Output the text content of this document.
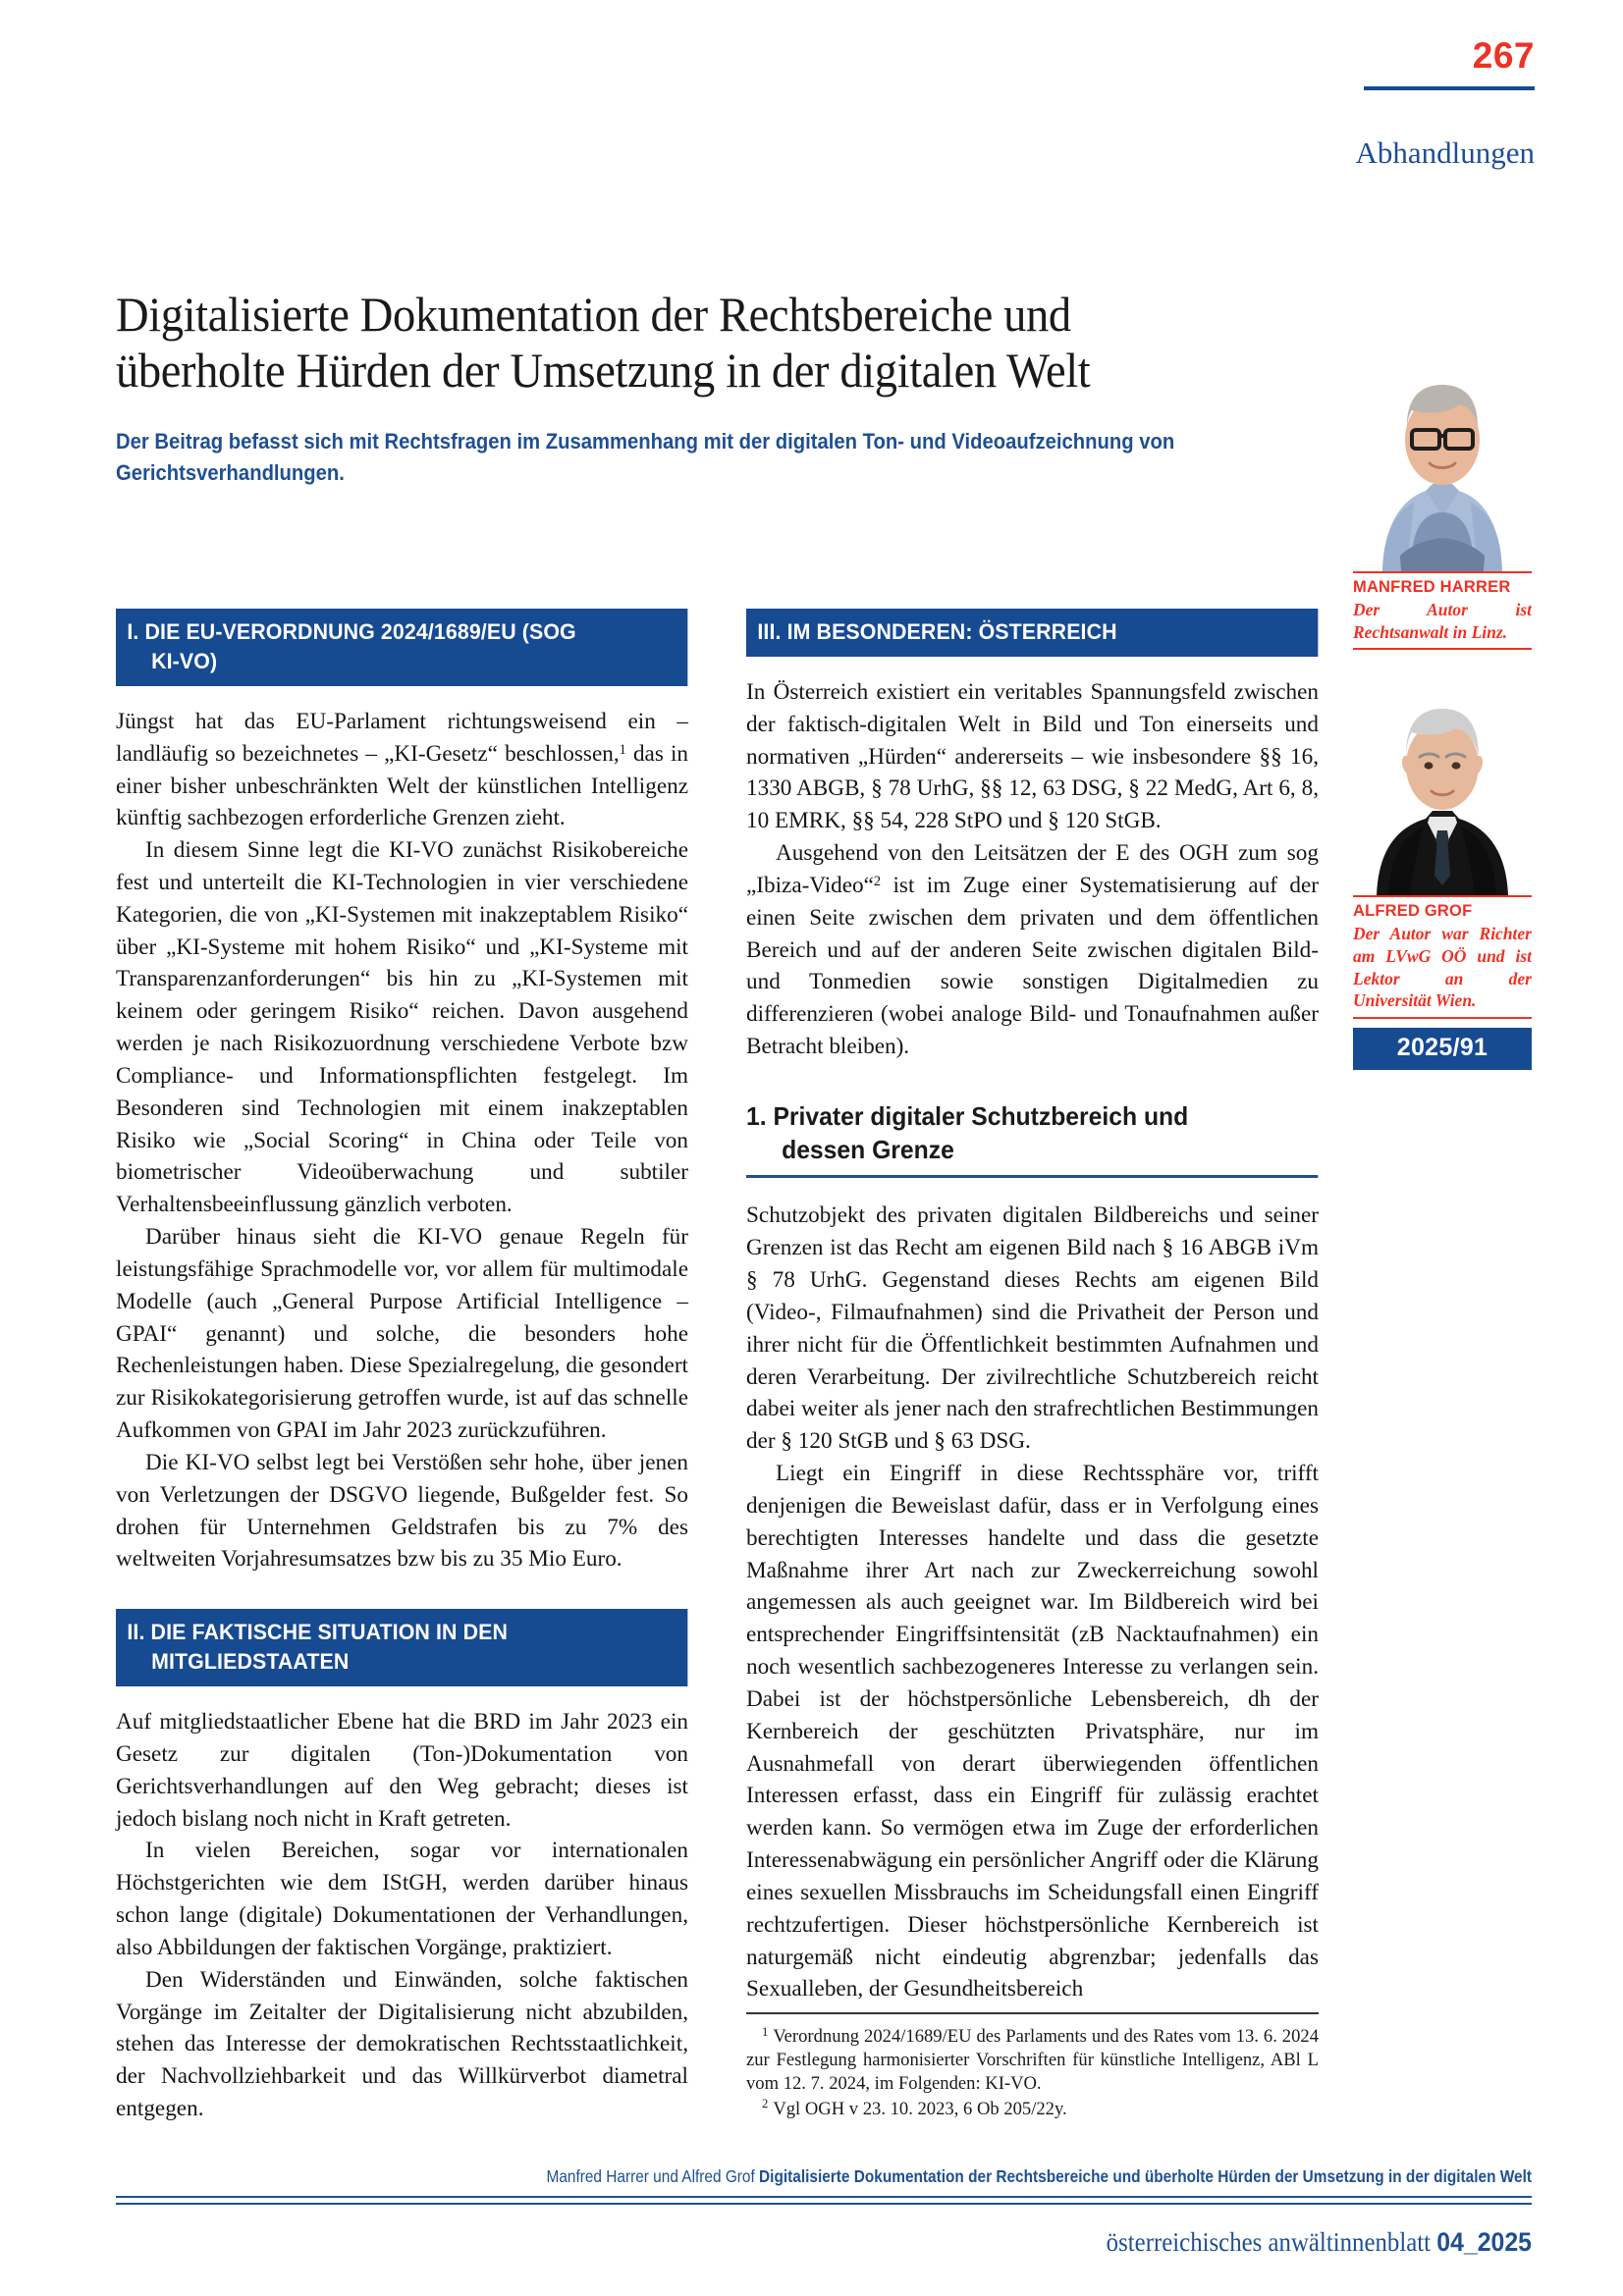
267
Abhandlungen
Digitalisierte Dokumentation der Rechtsbereiche und überholte Hürden der Umsetzung in der digitalen Welt

Der Beitrag befasst sich mit Rechtsfragen im Zusammenhang mit der digitalen Ton- und Videoaufzeichnung von Gerichtsverhandlungen.

I. DIE EU-VERORDNUNG 2024/1689/EU (SOG
KI-VO)

Jüngst hat das EU-Parlament richtungsweisend ein – landläufig so bezeichnetes – „KI-Gesetz“ beschlossen,$^1$ das in einer bisher unbeschränkten Welt der künstlichen Intelligenz künftig sachbezogen erforderliche Grenzen zieht.

In diesem Sinne legt die KI-VO zunächst Risikobereiche fest und unterteilt die KI-Technologien in vier verschiedene Kategorien, die von „KI-Systemen mit inakzeptablem Risiko“ über „KI-Systeme mit hohem Risiko“ und „KI-Systeme mit Transparenzanforderungen“ bis hin zu „KI-Systemen mit keinem oder geringem Risiko“ reichen. Davon ausgehend werden je nach Risikozuordnung verschiedene Verbote bzw Compliance- und Informationspflichten festgelegt. Im Besonderen sind Technologien mit einem inakzeptablen Risiko wie „Social Scoring“ in China oder Teile von biometrischer Videoüberwachung und subtiler Verhaltensbeeinflussung gänzlich verboten.

Darüber hinaus sieht die KI-VO genaue Regeln für leistungsfähige Sprachmodelle vor, vor allem für multimodale Modelle (auch „General Purpose Artificial Intelligence – GPAI“ genannt) und solche, die besonders hohe Rechenleistungen haben. Diese Spezialregelung, die gesondert zur Risikokategorisierung getroffen wurde, ist auf das schnelle Aufkommen von GPAI im Jahr 2023 zurückzuführen.

Die KI-VO selbst legt bei Verstößen sehr hohe, über jenen von Verletzungen der DSGVO liegende, Bußgelder fest. So drohen für Unternehmen Geldstrafen bis zu 7% des weltweiten Vorjahresumsatzes bzw bis zu 35 Mio Euro.

II. DIE FAKTISCHE SITUATION IN DEN
MITGLIEDSTAATEN

Auf mitgliedstaatlicher Ebene hat die BRD im Jahr 2023 ein Gesetz zur digitalen (Ton-)Dokumentation von Gerichtsverhandlungen auf den Weg gebracht; dieses ist jedoch bislang noch nicht in Kraft getreten.

In vielen Bereichen, sogar vor internationalen Höchstgerichten wie dem IStGH, werden darüber hinaus schon lange (digitale) Dokumentationen der Verhandlungen, also Abbildungen der faktischen Vorgänge, praktiziert.

Den Widerständen und Einwänden, solche faktischen Vorgänge im Zeitalter der Digitalisierung nicht abzubilden, stehen das Interesse der demokratischen Rechtsstaatlichkeit, der Nachvollziehbarkeit und das Willkürverbot diametral entgegen.

III. IM BESONDEREN: ÖSTERREICH

In Österreich existiert ein veritables Spannungsfeld zwischen der faktisch-digitalen Welt in Bild und Ton einerseits und normativen „Hürden“ andererseits – wie insbesondere §§ 16, 1330 ABGB, § 78 UrhG, §§ 12, 63 DSG, § 22 MedG, Art 6, 8, 10 EMRK, §§ 54, 228 StPO und § 120 StGB.

Ausgehend von den Leitsätzen der E des OGH zum sog „Ibiza-Video“$^2$ ist im Zuge einer Systematisierung auf der einen Seite zwischen dem privaten und dem öffentlichen Bereich und auf der anderen Seite zwischen digitalen Bild- und Tonmedien sowie sonstigen Digitalmedien zu differenzieren (wobei analoge Bild- und Tonaufnahmen außer Betracht bleiben).

1. Privater digitaler Schutzbereich und
dessen Grenze

Schutzobjekt des privaten digitalen Bildbereichs und seiner Grenzen ist das Recht am eigenen Bild nach § 16 ABGB iVm § 78 UrhG. Gegenstand dieses Rechts am eigenen Bild (Video-, Filmaufnahmen) sind die Privatheit der Person und ihrer nicht für die Öffentlichkeit bestimmten Aufnahmen und deren Verarbeitung. Der zivilrechtliche Schutzbereich reicht dabei weiter als jener nach den strafrechtlichen Bestimmungen der § 120 StGB und § 63 DSG.

Liegt ein Eingriff in diese Rechtssphäre vor, trifft denjenigen die Beweislast dafür, dass er in Verfolgung eines berechtigten Interesses handelte und dass die gesetzte Maßnahme ihrer Art nach zur Zweckerreichung sowohl angemessen als auch geeignet war. Im Bildbereich wird bei entsprechender Eingriffsintensität (zB Nacktaufnahmen) ein noch wesentlich sachbezogeneres Interesse zu verlangen sein. Dabei ist der höchstpersönliche Lebensbereich, dh der Kernbereich der geschützten Privatsphäre, nur im Ausnahmefall von derart überwiegenden öffentlichen Interessen erfasst, dass ein Eingriff für zulässig erachtet werden kann. So vermögen etwa im Zuge der erforderlichen Interessenabwägung ein persönlicher Angriff oder die Klärung eines sexuellen Missbrauchs im Scheidungsfall einen Eingriff rechtzufertigen. Dieser höchstpersönliche Kernbereich ist naturgemäß nicht eindeutig abgrenzbar; jedenfalls das Sexualleben, der Gesundheitsbereich

$^1$ Verordnung 2024/1689/EU des Parlaments und des Rates vom 13. 6. 2024 zur Festlegung harmonisierter Vorschriften für künstliche Intelligenz, ABl L vom 12. 7. 2024, im Folgenden: KI-VO.

$^2$ Vgl OGH v 23. 10. 2023, 6 Ob 205/22y.

MANFRED HARRER
Der Autor ist Rechtsanwalt in Linz.
ALFRED GROF
Der Autor war Richter am LVwG OÖ und ist Lektor an der Universität Wien.
2025/91
Manfred Harrer und Alfred Grof Digitalisierte Dokumentation der Rechtsbereiche und überholte Hürden der Umsetzung in der digitalen Welt
österreichisches anwältinnenblatt 04_2025
